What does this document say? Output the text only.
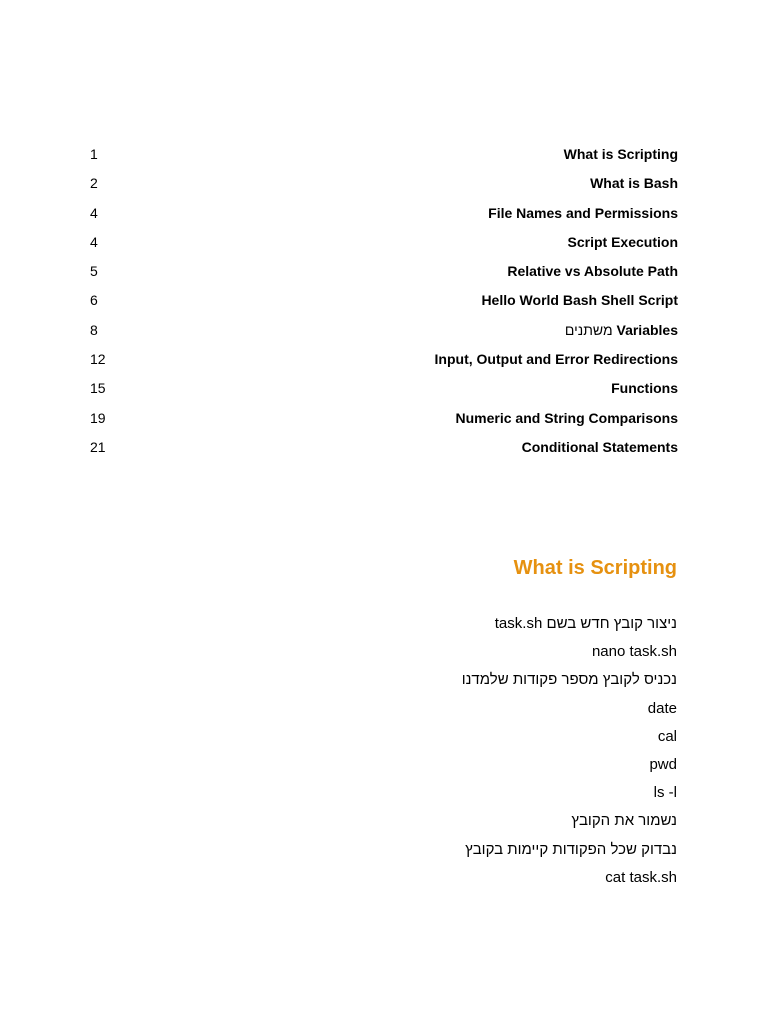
1	What is Scripting
2	What is Bash
4	File Names and Permissions
4	Script Execution
5	Relative vs Absolute Path
6	Hello World Bash Shell Script
8	Variables משתנים
12	Input, Output and Error Redirections
15	Functions
19	Numeric and String Comparisons
21	Conditional Statements
What is Scripting
ניצור קובץ חדש בשם task.sh
nano task.sh
נכניס לקובץ מספר פקודות שלמדנו
date
cal
pwd
ls -l
נשמור את הקובץ
נבדוק שכל הפקודות קיימות בקובץ
cat task.sh
